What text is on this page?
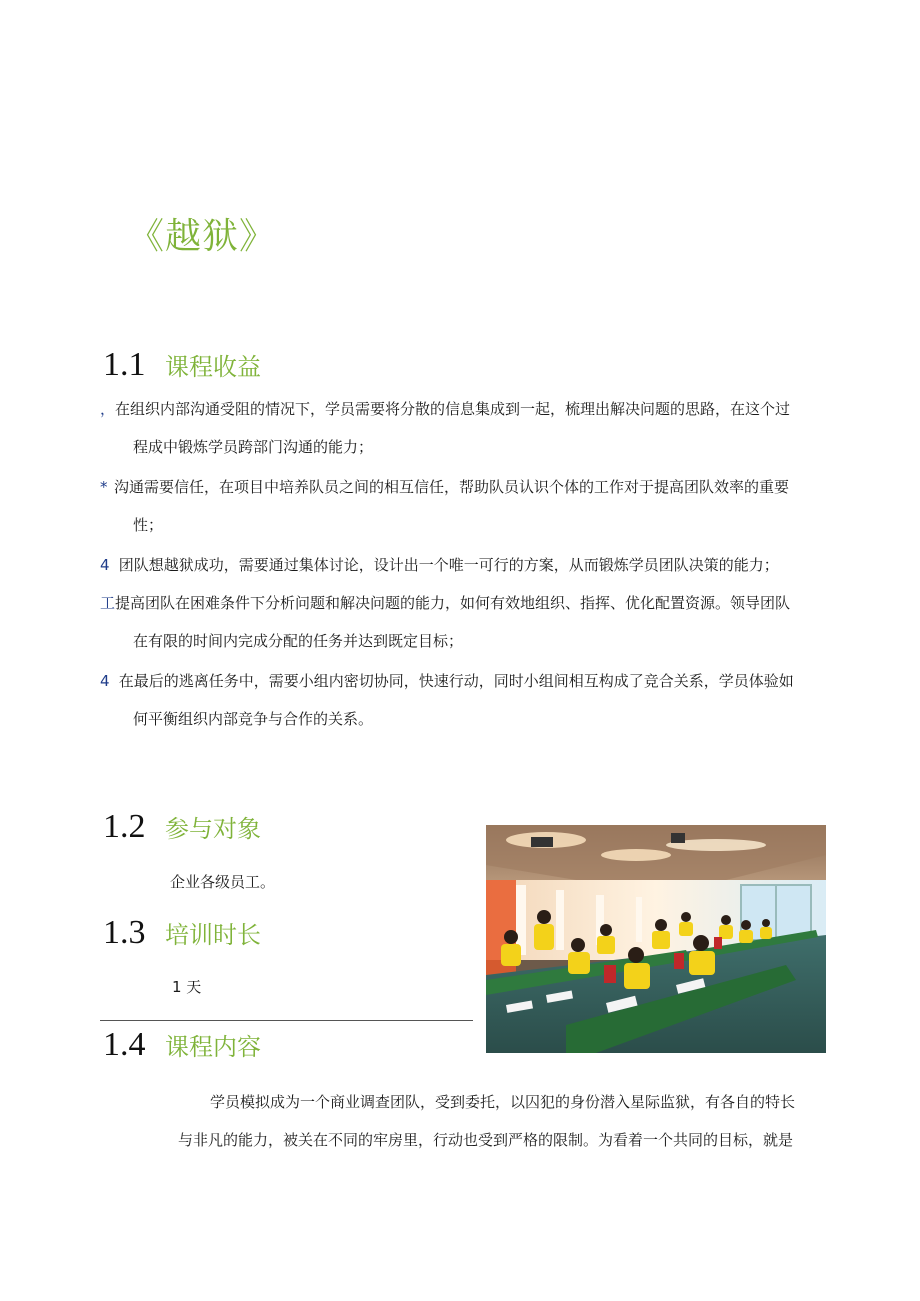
《越狱》
1.1 课程收益
，在组织内部沟通受阻的情况下，学员需要将分散的信息集成到一起，梳理出解决问题的思路，在这个过
程成中锻炼学员跨部门沟通的能力；
* 沟通需要信任，在项目中培养队员之间的相互信任，帮助队员认识个体的工作对于提高团队效率的重要
性；
4 团队想越狱成功，需要通过集体讨论，设计出一个唯一可行的方案，从而锻炼学员团队决策的能力；
工提高团队在困难条件下分析问题和解决问题的能力，如何有效地组织、指挥、优化配置资源。领导团队
在有限的时间内完成分配的任务并达到既定目标；
4 在最后的逃离任务中，需要小组内密切协同，快速行动，同时小组间相互构成了竞合关系，学员体验如
何平衡组织内部竞争与合作的关系。
1.2 参与对象
企业各级员工。
1.3 培训时长
1 天
1.4 课程内容
学员模拟成为一个商业调查团队，受到委托，以囚犯的身份潜入星际监狱，有各自的特长
与非凡的能力，被关在不同的牢房里，行动也受到严格的限制。为看着一个共同的目标，就是
